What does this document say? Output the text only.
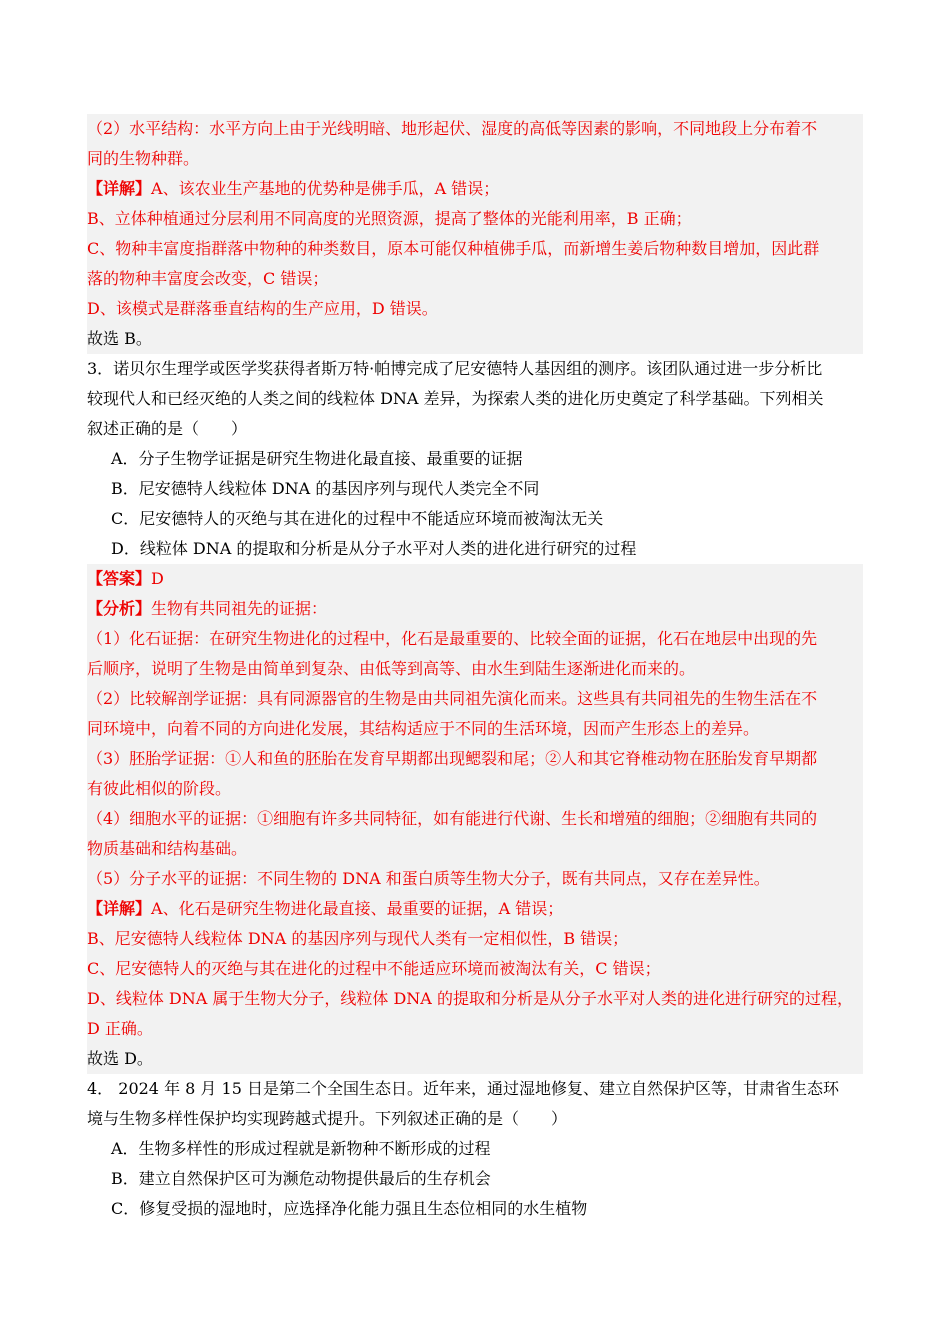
（2）水平结构：水平方向上由于光线明暗、地形起伏、湿度的高低等因素的影响，不同地段上分布着不
同的生物种群。
【详解】A、该农业生产基地的优势种是佛手瓜，A 错误；
B、立体种植通过分层利用不同高度的光照资源，提高了整体的光能利用率，B 正确；
C、物种丰富度指群落中物种的种类数目，原本可能仅种植佛手瓜，而新增生姜后物种数目增加，因此群
落的物种丰富度会改变，C 错误；
D、该模式是群落垂直结构的生产应用，D 错误。
故选 B。
3．诺贝尔生理学或医学奖获得者斯万特·帕博完成了尼安德特人基因组的测序。该团队通过进一步分析比
较现代人和已经灭绝的人类之间的线粒体 DNA 差异，为探索人类的进化历史奠定了科学基础。下列相关
叙述正确的是（　　）
A．分子生物学证据是研究生物进化最直接、最重要的证据
B．尼安德特人线粒体 DNA 的基因序列与现代人类完全不同
C．尼安德特人的灭绝与其在进化的过程中不能适应环境而被淘汰无关
D．线粒体 DNA 的提取和分析是从分子水平对人类的进化进行研究的过程
【答案】D
【分析】生物有共同祖先的证据：
（1）化石证据：在研究生物进化的过程中，化石是最重要的、比较全面的证据，化石在地层中出现的先
后顺序，说明了生物是由简单到复杂、由低等到高等、由水生到陆生逐渐进化而来的。
（2）比较解剖学证据：具有同源器官的生物是由共同祖先演化而来。这些具有共同祖先的生物生活在不
同环境中，向着不同的方向进化发展，其结构适应于不同的生活环境，因而产生形态上的差异。
（3）胚胎学证据：①人和鱼的胚胎在发育早期都出现鳃裂和尾；②人和其它脊椎动物在胚胎发育早期都
有彼此相似的阶段。
（4）细胞水平的证据：①细胞有许多共同特征，如有能进行代谢、生长和增殖的细胞；②细胞有共同的
物质基础和结构基础。
（5）分子水平的证据：不同生物的 DNA 和蛋白质等生物大分子，既有共同点，又存在差异性。
【详解】A、化石是研究生物进化最直接、最重要的证据，A 错误；
B、尼安德特人线粒体 DNA 的基因序列与现代人类有一定相似性，B 错误；
C、尼安德特人的灭绝与其在进化的过程中不能适应环境而被淘汰有关，C 错误；
D、线粒体 DNA 属于生物大分子，线粒体 DNA 的提取和分析是从分子水平对人类的进化进行研究的过程，
D 正确。
故选 D。
4． 2024 年 8 月 15 日是第二个全国生态日。近年来，通过湿地修复、建立自然保护区等，甘肃省生态环
境与生物多样性保护均实现跨越式提升。下列叙述正确的是（　　）
A．生物多样性的形成过程就是新物种不断形成的过程
B．建立自然保护区可为濒危动物提供最后的生存机会
C．修复受损的湿地时，应选择净化能力强且生态位相同的水生植物
